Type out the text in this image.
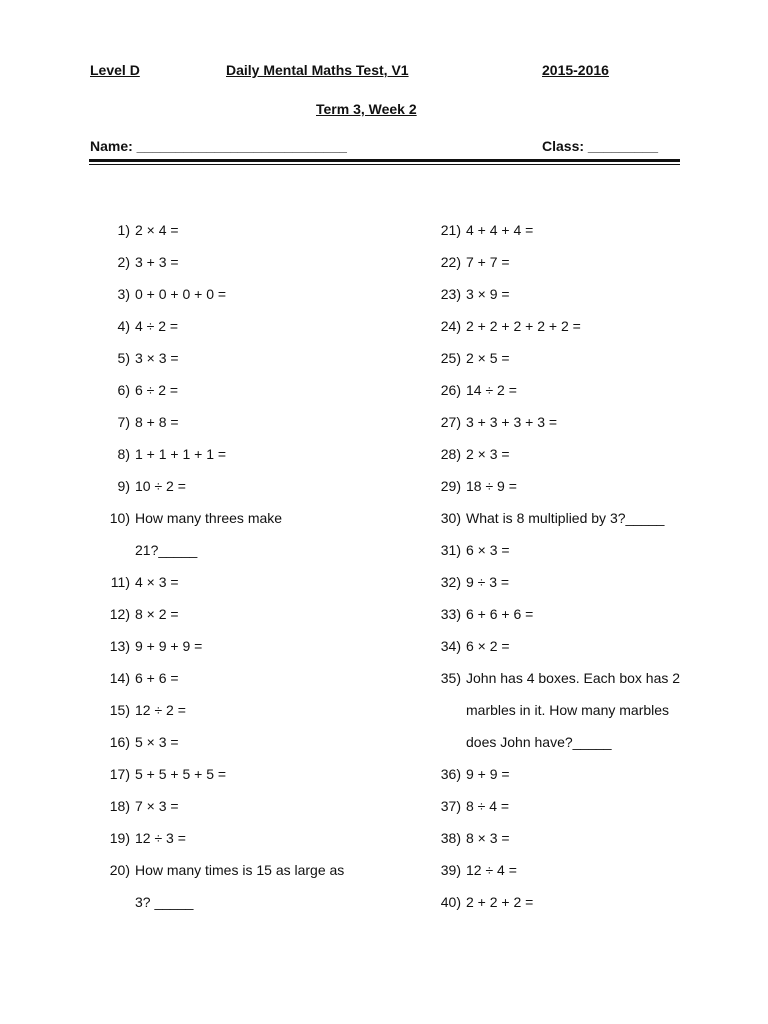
Level D	Daily Mental Maths Test, V1	2015-2016
Term 3, Week 2
Name: ___________________________	Class: _________
1) 2 × 4 =
2) 3 + 3 =
3) 0 + 0 + 0 + 0 =
4) 4 ÷ 2 =
5) 3 × 3 =
6) 6 ÷ 2 =
7) 8 + 8 =
8) 1 + 1 + 1 + 1 =
9) 10 ÷ 2 =
10) How many threes make
21?_____
11) 4 × 3 =
12) 8 × 2 =
13) 9 + 9 + 9 =
14) 6 + 6 =
15) 12 ÷ 2 =
16) 5 × 3 =
17) 5 + 5 + 5 + 5 =
18) 7 × 3 =
19) 12 ÷ 3 =
20) How many times is 15 as large as
3? _____
21) 4 + 4 + 4 =
22) 7 + 7 =
23) 3 × 9 =
24) 2 + 2 + 2 + 2 + 2 =
25) 2 × 5 =
26) 14 ÷ 2 =
27) 3 + 3 + 3 + 3 =
28) 2 × 3 =
29) 18 ÷ 9 =
30) What is 8 multiplied by 3?_____
31) 6 × 3 =
32) 9 ÷ 3 =
33) 6 + 6 + 6 =
34) 6 × 2 =
35) John has 4 boxes. Each box has 2
marbles in it. How many marbles
does John have?_____
36) 9 + 9 =
37) 8 ÷ 4 =
38) 8 × 3 =
39) 12 ÷ 4 =
40) 2 + 2 + 2 =
